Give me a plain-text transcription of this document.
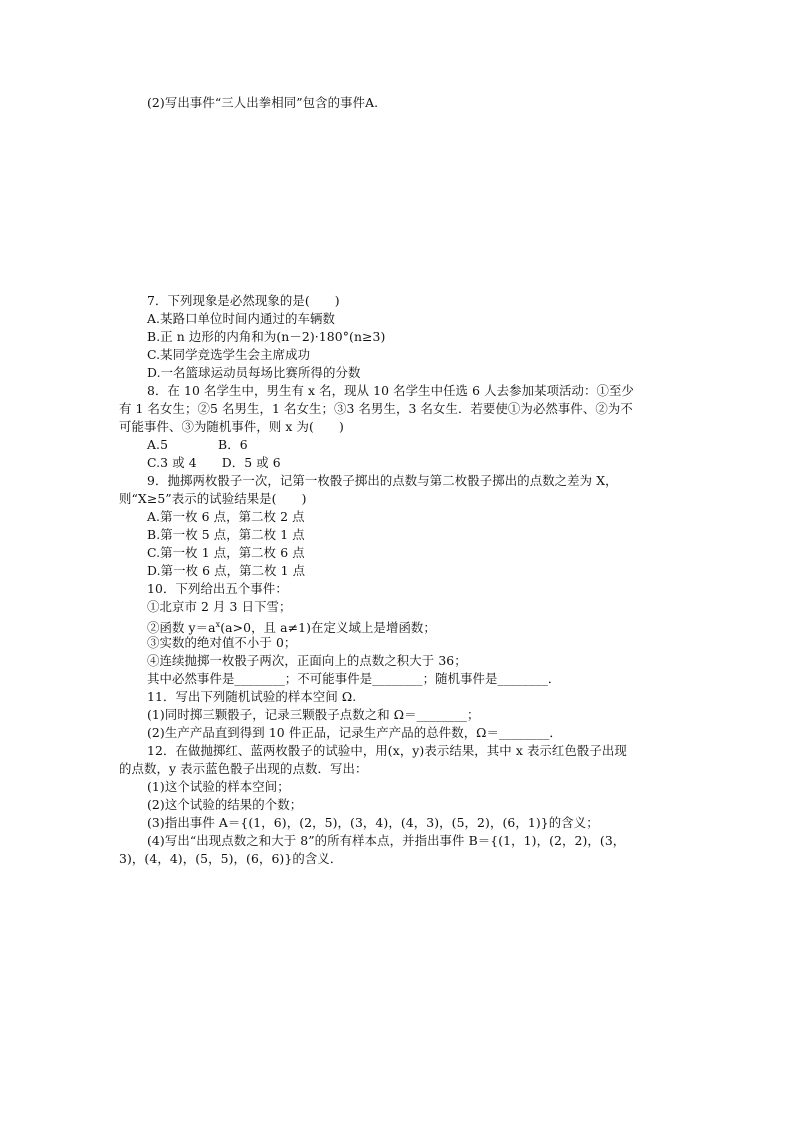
(2)写出事件“三人出拳相同”包含的事件A.
7．下列现象是必然现象的是(　　)
A.某路口单位时间内通过的车辆数
B.正 n 边形的内角和为(n－2)·180°(n≥3)
C.某同学竞选学生会主席成功
D.一名篮球运动员每场比赛所得的分数
8．在 10 名学生中，男生有 x 名，现从 10 名学生中任选 6 人去参加某项活动：①至少
有 1 名女生；②5 名男生，1 名女生；③3 名男生，3 名女生．若要使①为必然事件、②为不
可能事件、③为随机事件，则 x 为(　　)
A.5　　　　B．6
C.3 或 4　　D．5 或 6
9．抛掷两枚骰子一次，记第一枚骰子掷出的点数与第二枚骰子掷出的点数之差为 X，
则“X≥5”表示的试验结果是(　　)
A.第一枚 6 点，第二枚 2 点
B.第一枚 5 点，第二枚 1 点
C.第一枚 1 点，第二枚 6 点
D.第一枚 6 点，第二枚 1 点
10．下列给出五个事件：
①北京市 2 月 3 日下雪；
②函数 $y=a^x(a>0$，且 a≠1)在定义域上是增函数；
③实数的绝对值不小于 0；
④连续抛掷一枚骰子两次，正面向上的点数之积大于 36；
其中必然事件是________；不可能事件是________；随机事件是________．
11．写出下列随机试验的样本空间 Ω.
(1)同时掷三颗骰子，记录三颗骰子点数之和 Ω＝________；
(2)生产产品直到得到 10 件正品，记录生产产品的总件数，Ω＝________．
12．在做抛掷红、蓝两枚骰子的试验中，用(x，y)表示结果，其中 x 表示红色骰子出现
的点数，y 表示蓝色骰子出现的点数．写出：
(1)这个试验的样本空间；
(2)这个试验的结果的个数；
(3)指出事件 A＝{(1，6)，(2，5)，(3，4)，(4，3)，(5，2)，(6，1)}的含义；
(4)写出“出现点数之和大于 8”的所有样本点，并指出事件 B＝{(1，1)，(2，2)，(3，
3)，(4，4)，(5，5)，(6，6)}的含义．
